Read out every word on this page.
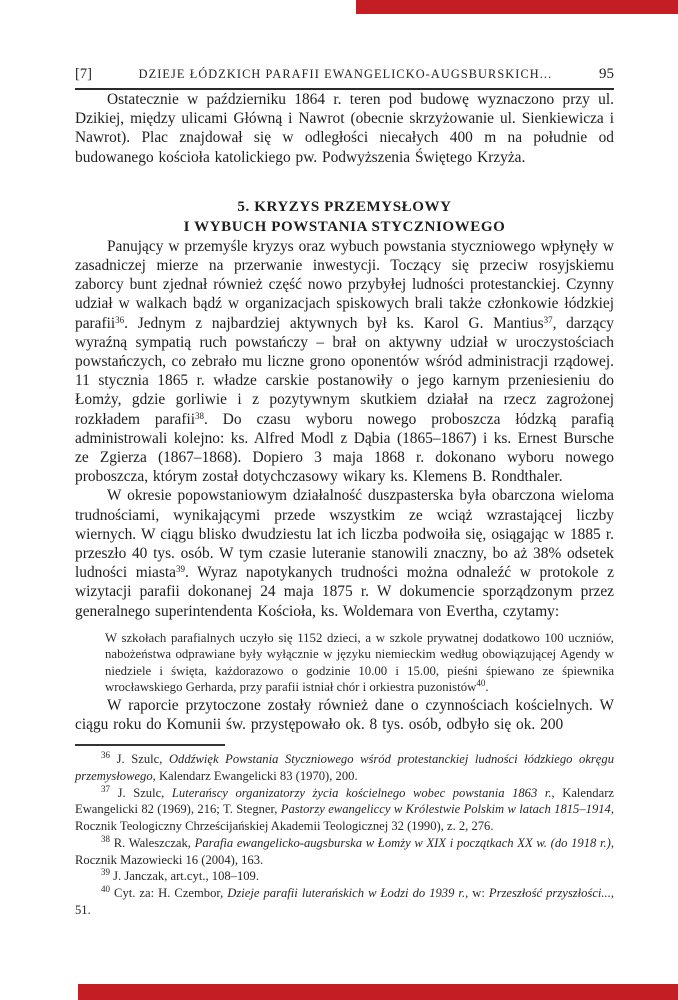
[7]	DZIEJE ŁÓDZKICH PARAFII EWANGELICKO-AUGSBURSKICH...	95

Ostatecznie w październiku 1864 r. teren pod budowę wyznaczono przy ul. Dzikiej, między ulicami Główną i Nawrot (obecnie skrzyżowanie ul. Sienkiewicza i Nawrot). Plac znajdował się w odległości niecałych 400 m na południe od budowanego kościoła katolickiego pw. Podwyższenia Świętego Krzyża.

5. KRYZYS PRZEMYSŁOWY
I WYBUCH POWSTANIA STYCZNIOWEGO

Panujący w przemyśle kryzys oraz wybuch powstania styczniowego wpłynęły w zasadniczej mierze na przerwanie inwestycji. Toczący się przeciw rosyjskiemu zaborcy bunt zjednał również część nowo przybyłej ludności protestanckiej. Czynny udział w walkach bądź w organizacjach spiskowych brali także członkowie łódzkiej parafii$^{36}$. Jednym z najbardziej aktywnych był ks. Karol G. Mantius$^{37}$, darzący wyraźną sympatią ruch powstańczy – brał on aktywny udział w uroczystościach powstańczych, co zebrało mu liczne grono oponentów wśród administracji rządowej. 11 stycznia 1865 r. władze carskie postanowiły o jego karnym przeniesieniu do Łomży, gdzie gorliwie i z pozytywnym skutkiem działał na rzecz zagrożonej rozkładem parafii$^{38}$. Do czasu wyboru nowego proboszcza łódzką parafią administrowali kolejno: ks. Alfred Modl z Dąbia (1865–1867) i ks. Ernest Bursche ze Zgierza (1867–1868). Dopiero 3 maja 1868 r. dokonano wyboru nowego proboszcza, którym został dotychczasowy wikary ks. Klemens B. Rondthaler.

W okresie popowstaniowym działalność duszpasterska była obarczona wieloma trudnościami, wynikającymi przede wszystkim ze wciąż wzrastającej liczby wiernych. W ciągu blisko dwudziestu lat ich liczba podwoiła się, osiągając w 1885 r. przeszło 40 tys. osób. W tym czasie luteranie stanowili znaczny, bo aż 38% odsetek ludności miasta$^{39}$. Wyraz napotykanych trudności można odnaleźć w protokole z wizytacji parafii dokonanej 24 maja 1875 r. W dokumencie sporządzonym przez generalnego superintendenta Kościoła, ks. Woldemara von Evertha, czytamy:

W szkołach parafialnych uczyło się 1152 dzieci, a w szkole prywatnej dodatkowo 100 uczniów, nabożeństwa odprawiane były wyłącznie w języku niemieckim według obowiązującej Agendy w niedziele i święta, każdorazowo o godzinie 10.00 i 15.00, pieśni śpiewano ze śpiewnika wrocławskiego Gerharda, przy parafii istniał chór i orkiestra puzonistów$^{40}$.

W raporcie przytoczone zostały również dane o czynnościach kościelnych. W ciągu roku do Komunii św. przystępowało ok. 8 tys. osób, odbyło się ok. 200

$^{36}$ J. Szulc, Oddźwięk Powstania Styczniowego wśród protestanckiej ludności łódzkiego okręgu przemysłowego, Kalendarz Ewangelicki 83 (1970), 200.

$^{37}$ J. Szulc, Luterańscy organizatorzy życia kościelnego wobec powstania 1863 r., Kalendarz Ewangelicki 82 (1969), 216; T. Stegner, Pastorzy ewangeliccy w Królestwie Polskim w latach 1815–1914, Rocznik Teologiczny Chrześcijańskiej Akademii Teologicznej 32 (1990), z. 2, 276.

$^{38}$ R. Waleszczak, Parafia ewangelicko-augsburska w Łomży w XIX i początkach XX w. (do 1918 r.), Rocznik Mazowiecki 16 (2004), 163.

$^{39}$ J. Janczak, art.cyt., 108–109.

$^{40}$ Cyt. za: H. Czembor, Dzieje parafii luterańskich w Łodzi do 1939 r., w: Przeszłość przyszłości..., 51.
